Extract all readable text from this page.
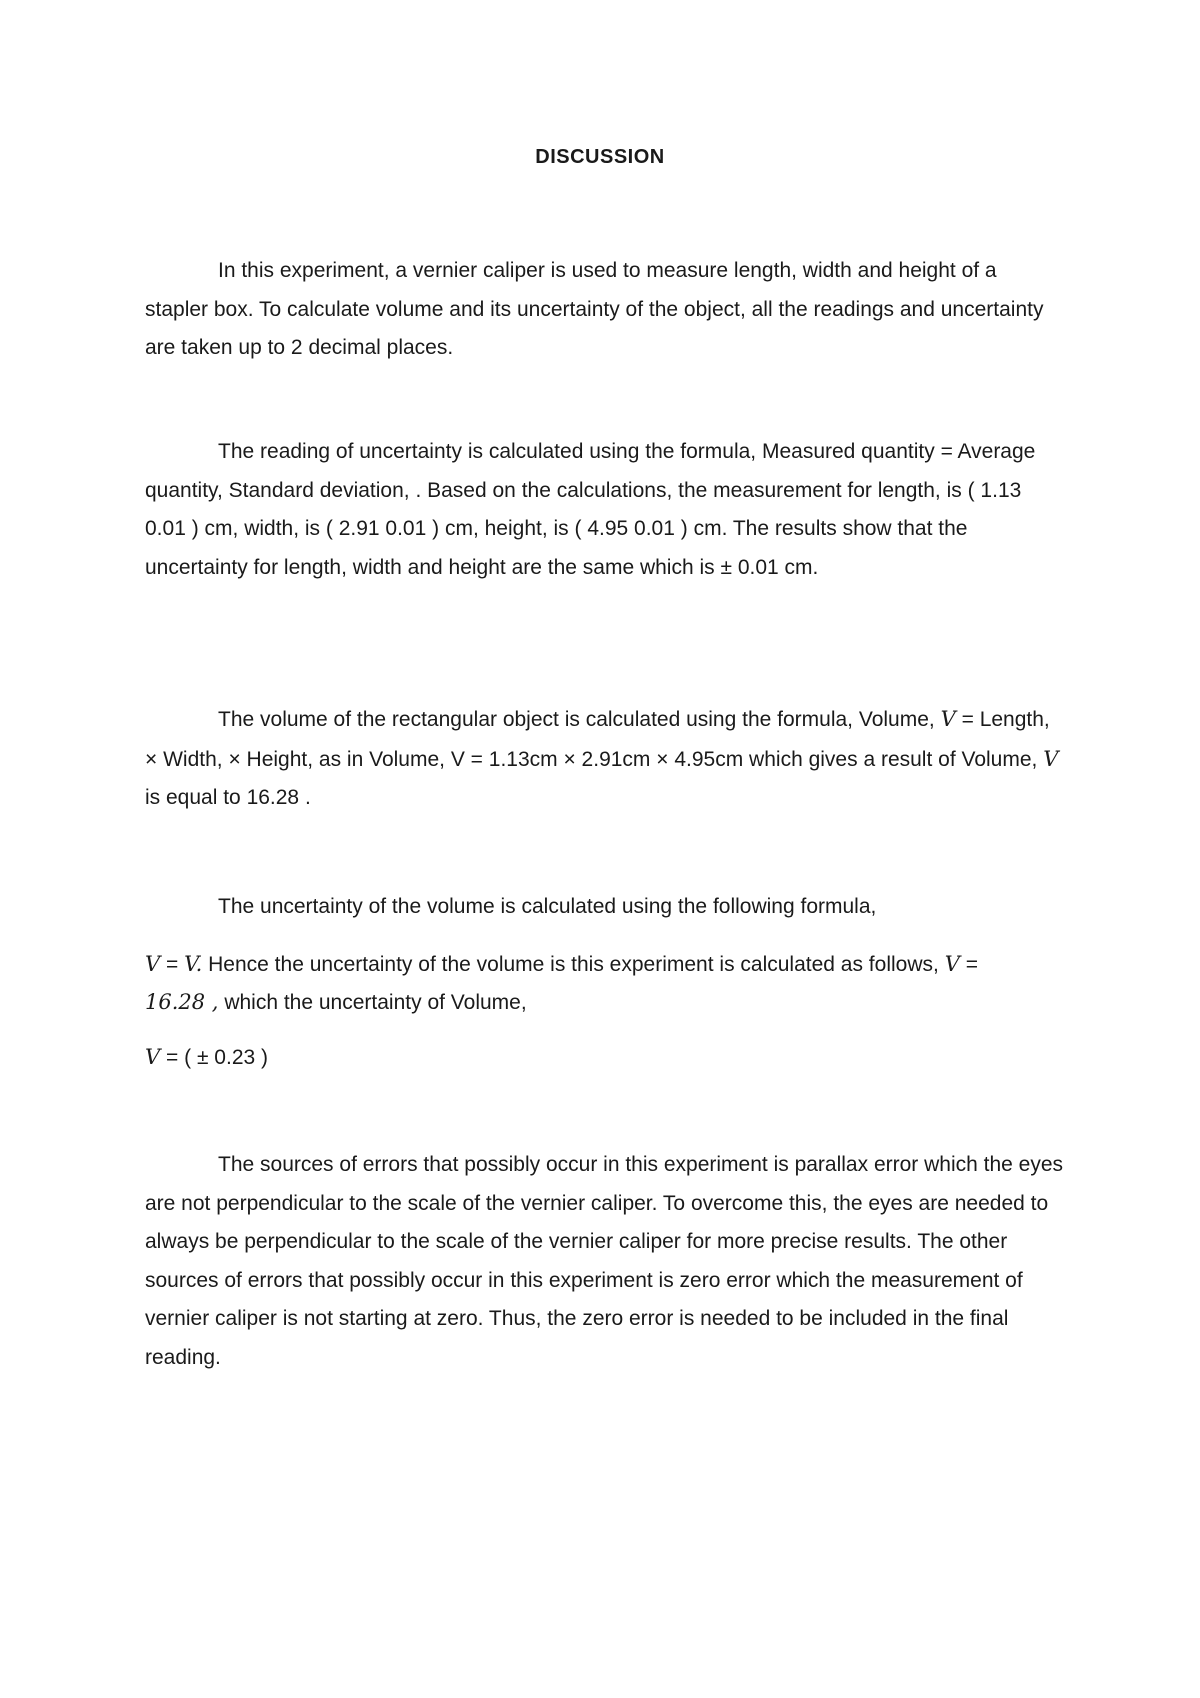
DISCUSSION

In this experiment, a vernier caliper is used to measure length, width and height of a stapler box. To calculate volume and its uncertainty of the object, all the readings and uncertainty are taken up to 2 decimal places.

The reading of uncertainty is calculated using the formula, Measured quantity = Average quantity, Standard deviation, . Based on the calculations, the measurement for length, is ( 1.13 0.01 ) cm, width, is ( 2.91 0.01 ) cm, height, is ( 4.95 0.01 ) cm. The results show that the uncertainty for length, width and height are the same which is ± 0.01 cm.

The volume of the rectangular object is calculated using the formula, Volume, V = Length, × Width, × Height, as in Volume, V = 1.13cm × 2.91cm × 4.95cm which gives a result of Volume, V is equal to 16.28 .

The uncertainty of the volume is calculated using the following formula,

V = V. Hence the uncertainty of the volume is this experiment is calculated as follows, V =
16.28 , which the uncertainty of Volume,
V = ( ± 0.23 )

The sources of errors that possibly occur in this experiment is parallax error which the eyes are not perpendicular to the scale of the vernier caliper. To overcome this, the eyes are needed to always be perpendicular to the scale of the vernier caliper for more precise results. The other sources of errors that possibly occur in this experiment is zero error which the measurement of vernier caliper is not starting at zero. Thus, the zero error is needed to be included in the final reading.
